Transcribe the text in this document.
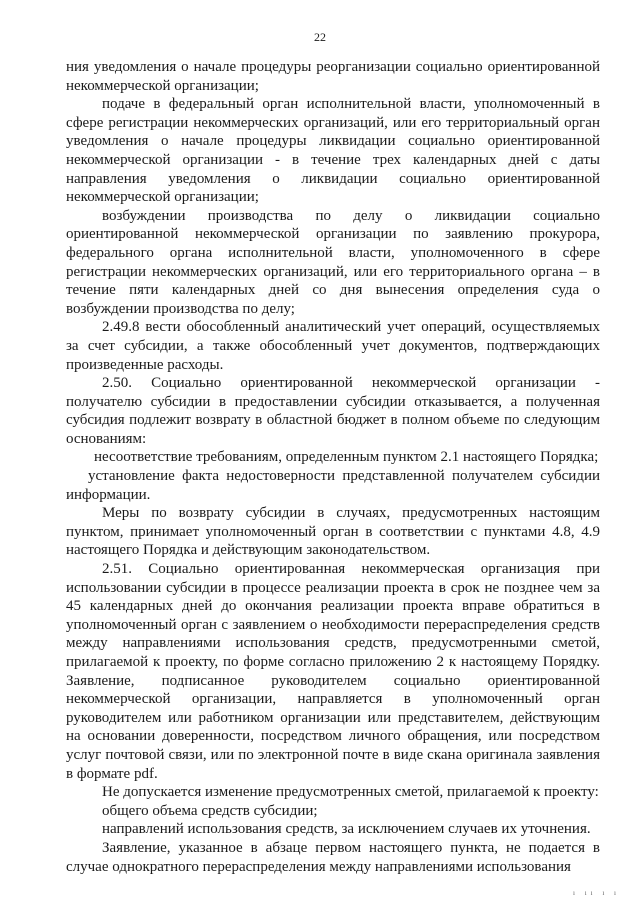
22

ния уведомления о начале процедуры реорганизации социально ориентированной некоммерческой организации;

подаче в федеральный орган исполнительной власти, уполномоченный в сфере регистрации некоммерческих организаций, или его территориальный орган уведомления о начале процедуры ликвидации социально ориентированной некоммерческой организации - в течение трех календарных дней с даты направления уведомления о ликвидации социально ориентированной некоммерческой организации;

возбуждении производства по делу о ликвидации социально ориентированной некоммерческой организации по заявлению прокурора, федерального органа исполнительной власти, уполномоченного в сфере регистрации некоммерческих организаций, или его территориального органа – в течение пяти календарных дней со дня вынесения определения суда о возбуждении производства по делу;

2.49.8 вести обособленный аналитический учет операций, осуществляемых за счет субсидии, а также обособленный учет документов, подтверждающих произведенные расходы.

2.50. Социально ориентированной некоммерческой организации - получателю субсидии в предоставлении субсидии отказывается, а полученная субсидия подлежит возврату в областной бюджет в полном объеме по следующим основаниям:

несоответствие требованиям, определенным пунктом 2.1 настоящего Порядка;

установление факта недостоверности представленной получателем субсидии информации.

Меры по возврату субсидии в случаях, предусмотренных настоящим пунктом, принимает уполномоченный орган в соответствии с пунктами 4.8, 4.9 настоящего Порядка и действующим законодательством.

2.51. Социально ориентированная некоммерческая организация при использовании субсидии в процессе реализации проекта в срок не позднее чем за 45 календарных дней до окончания реализации проекта вправе обратиться в уполномоченный орган с заявлением о необходимости перераспределения средств между направлениями использования средств, предусмотренными сметой, прилагаемой к проекту, по форме согласно приложению 2 к настоящему Порядку. Заявление, подписанное руководителем социально ориентированной некоммерческой организации, направляется в уполномоченный орган руководителем или работником организации или представителем, действующим на основании доверенности, посредством личного обращения, или посредством услуг почтовой связи, или по электронной почте в виде скана оригинала заявления в формате pdf.

Не допускается изменение предусмотренных сметой, прилагаемой к проекту:

общего объема средств субсидии;

направлений использования средств, за исключением случаев их уточнения.

Заявление, указанное в абзаце первом настоящего пункта, не подается в случае однократного перераспределения между направлениями использования

ı ıı ı ı
